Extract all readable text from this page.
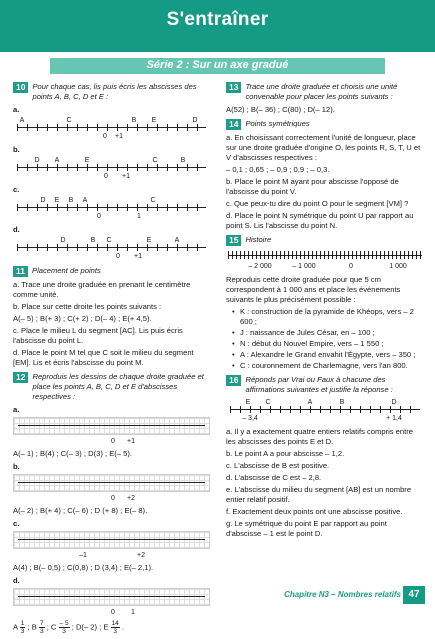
S'entraîner
Série 2 : Sur un axe gradué
10 Pour chaque cas, lis puis écris les abscisses des points A, B, C, D et E :
a.
A	C	B E	D
0 +1
b.
D A	E	C	B
0 +1
c.
D E B A	C
0	1
d.
D	B C	E	A
0 +1
11 Placement de points

a. Trace une droite graduée en prenant le centimètre comme unité.

b. Place sur cette droite les points suivants :

A(– 5) ; B(+ 3) ; C(+ 2) ; D(– 4) ; E(+ 4,5).

c. Place le milieu L du segment [AC]. Lis puis écris l'abscisse du point L.

d. Place le point M tel que C soit le milieu du segment [EM]. Lis et écris l'abscisse du point M.

12 Reproduis les dessins de chaque droite graduée et place les points A, B, C, D et E d'abscisses respectives :
a.
0 +1

A(– 1) ; B(4) ; C(– 3) ; D(3) ; E(– 5).

b.
0 +2

A(– 2) ; B(+ 4) ; C(– 6) ; D (+ 8) ; E(– 8).

c.
–1	+2

A(4) ; B(– 0,5) ; C(0,8) ; D (3,4) ; E(– 2,1).

d.
0 1

A $\frac{1}{3}$ ; B $\frac{7}{3}$ ; C $\frac{- 5}{3}$ ; D(– 2) ; E $\frac{14}{3}$ .

13 Trace une droite graduée et choisis une unité convenable pour placer les points suivants :

A(52) ; B(– 36) ; C(80) ; D(– 12).

14 Points symétriques

a. En choisissant correctement l'unité de longueur, place sur une droite graduée d'origine O, les points R, S, T, U et V d'abscisses respectives :

– 0,1 ; 0,65 ; – 0,9 ; 0,9 ; – 0,3.

b. Place le point M ayant pour abscisse l'opposé de l'abscisse du point V.

c. Que peux-tu dire du point O pour le segment [VM] ?

d. Place le point N symétrique du point U par rapport au point S. Lis l'abscisse du point N.

15 Histoire
– 2 000	– 1 000	0	1 000

Reproduis cette droite graduée pour que 5 cm correspondent à 1 000 ans et place les événements suivants le plus précisément possible :

• K : construction de la pyramide de Khéops, vers – 2 600 ;
• J : naissance de Jules César, en – 100 ;
• N : début du Nouvel Empire, vers – 1 550 ;
• A : Alexandre le Grand envahit l'Égypte, vers – 350 ;
• C : couronnement de Charlemagne, vers l'an 800.
16 Réponds par Vrai ou Faux à chacune des affirmations suivantes et justifie la réponse :
E C	A	B	D
– 3,4	+ 1,4

a. Il y a exactement quatre entiers relatifs compris entre les abscisses des points E et D.

b. Le point A a pour abscisse – 1,2.

c. L'abscisse de B est positive.

d. L'abscisse de C est – 2,8.

e. L'abscisse du milieu du segment [AB] est un nombre entier relatif positif.

f. Exactement deux points ont une abscisse positive.

g. Le symétrique du point E par rapport au point d'abscisse – 1 est le point D.

Chapitre N3 – Nombres relatifs 47
